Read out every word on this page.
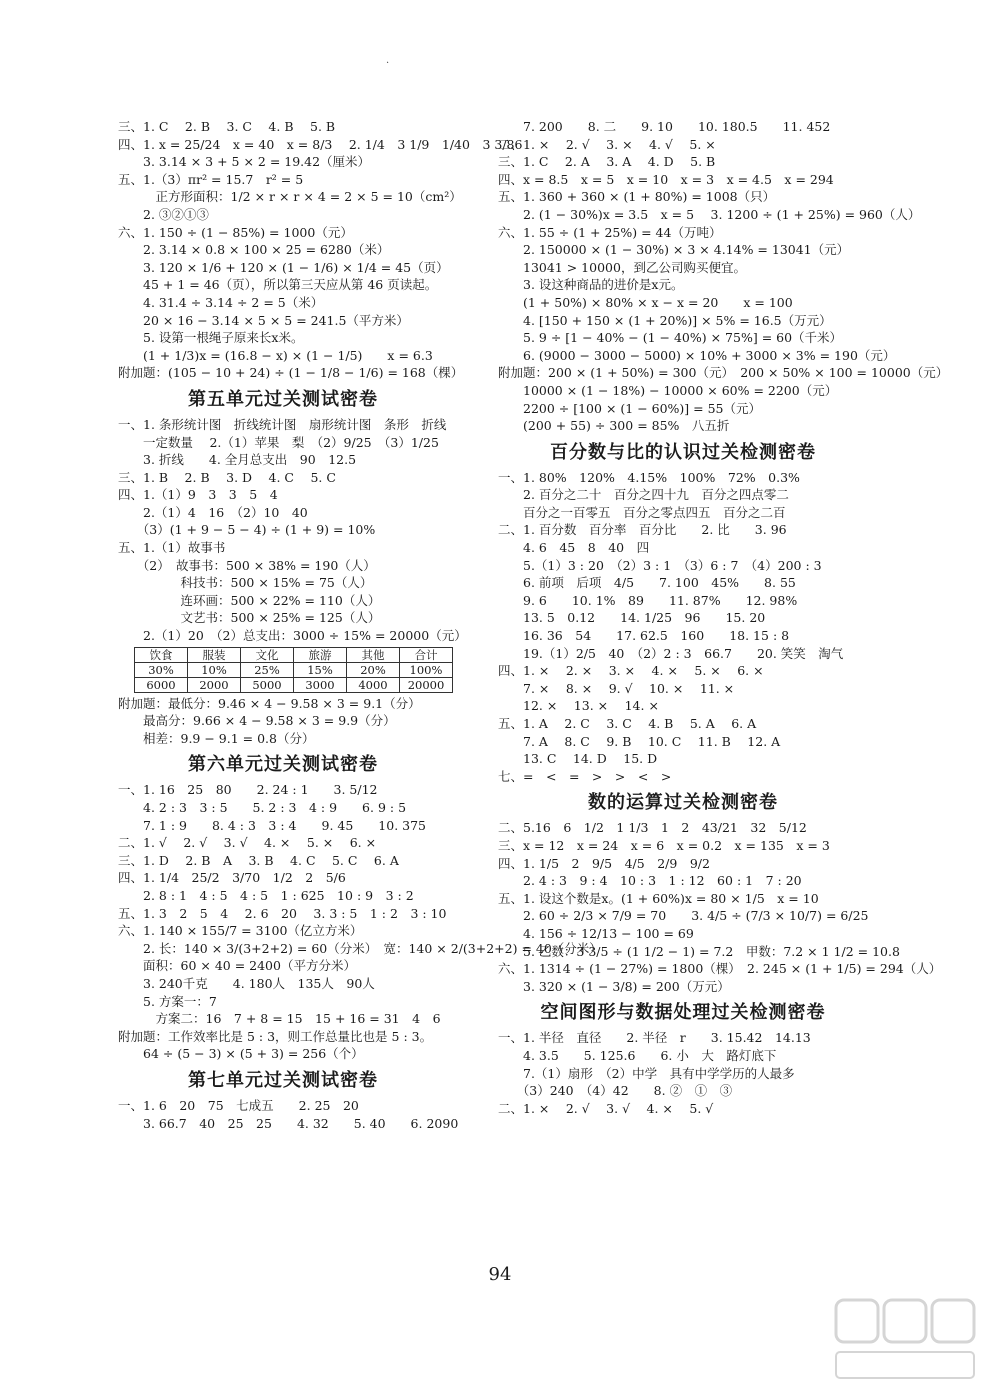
·
三、1. C　 2. B　 3. C　 4. B　 5. B
四、1. x = 25/24　x = 40　x = 8/3　 2. 1/4　3 1/9　1/40　3 3/86
　　3. 3.14 × 3 + 5 × 2 = 19.42（厘米）
五、1.（3）πr² = 15.7　r² = 5
　　　正方形面积：1/2 × r × r × 4 = 2 × 5 = 10（cm²）
　　2. ③②①③
六、1. 150 ÷ (1 − 85%) = 1000（元）
　　2. 3.14 × 0.8 × 100 × 25 = 6280（米）
　　3. 120 × 1/6 + 120 × (1 − 1/6) × 1/4 = 45（页）
　　45 + 1 = 46（页），所以第三天应从第 46 页读起。
　　4. 31.4 ÷ 3.14 ÷ 2 = 5（米）
　　20 × 16 − 3.14 × 5 × 5 = 241.5（平方米）
　　5. 设第一根绳子原来长x米。
　　(1 + 1/3)x = (16.8 − x) × (1 − 1/5)　　x = 6.3
附加题：(105 − 10 + 24) ÷ (1 − 1/8 − 1/6) = 168（棵）
第五单元过关测试密卷
一、1. 条形统计图　折线统计图　扇形统计图　条形　折线
　　一定数量　 2.（1）苹果　梨　（2）9/25　（3）1/25
　　3. 折线　　4. 全月总支出　90　12.5
三、1. B　 2. B　 3. D　 4. C　 5. C
四、1.（1）9　3　3　5　4
　　2.（1）4　16　（2）10　40
　　（3）(1 + 9 − 5 − 4) ÷ (1 + 9) = 10%
五、1.（1）故事书
　　（2）　故事书：500 × 38% = 190（人）
　　　　　科技书：500 × 15% = 75（人）
　　　　　连环画：500 × 22% = 110（人）
　　　　　文艺书：500 × 25% = 125（人）
　　2.（1）20　（2）总支出：3000 ÷ 15% = 20000（元）
饮食	服装	文化	旅游	其他	合计
30%	10%	25%	15%	20%	100%
6000	2000	5000	3000	4000	20000
附加题：最低分：9.46 × 4 − 9.58 × 3 = 9.1（分）
　　最高分：9.66 × 4 − 9.58 × 3 = 9.9（分）
　　相差：9.9 − 9.1 = 0.8（分）
第六单元过关测试密卷
一、1. 16　25　80　　2. 24 : 1　　3. 5/12
　　4. 2 : 3　3 : 5　　5. 2 : 3　4 : 9　　6. 9 : 5
　　7. 1 : 9　　8. 4 : 3　3 : 4　　9. 45　　10. 375
二、1. √　 2. √　 3. √　 4. ×　 5. ×　 6. ×
三、1. D　 2. B　A　 3. B　 4. C　 5. C　 6. A
四、1. 1/4　25/2　3/70　1/2　2　5/6
　　2. 8 : 1　4 : 5　4 : 5　1 : 625　10 : 9　3 : 2
五、1. 3　2　5　4　 2. 6　20　 3. 3 : 5　1 : 2　3 : 10
六、1. 140 × 155/7 = 3100（亿立方米）
　　2. 长：140 × 3/(3+2+2) = 60（分米）　宽：140 × 2/(3+2+2) = 40（分米）
　　面积：60 × 40 = 2400（平方分米）
　　3. 240千克　　4. 180人　135人　90人
　　5. 方案一：7
　　　方案二：16　7 + 8 = 15　15 + 16 = 31　4　6
附加题：工作效率比是 5 : 3，则工作总量比也是 5 : 3。
　　64 ÷ (5 − 3) × (5 + 3) = 256（个）
第七单元过关测试密卷
一、1. 6　20　75　七成五　　2. 25　20
　　3. 66.7　40　25　25　　4. 32　　5. 40　　6. 2090
　　7. 200　　8. 二　　9. 10　　10. 180.5　　11. 452
二、1. ×　 2. √　 3. ×　 4. √　 5. ×
三、1. C　 2. A　 3. A　 4. D　 5. B
四、x = 8.5　x = 5　x = 10　x = 3　x = 4.5　x = 294
五、1. 360 + 360 × (1 + 80%) = 1008（只）
　　2. (1 − 30%)x = 3.5　x = 5　 3. 1200 ÷ (1 + 25%) = 960（人）
六、1. 55 ÷ (1 + 25%) = 44（万吨）
　　2. 150000 × (1 − 30%) × 3 × 4.14% = 13041（元）
　　13041 > 10000，到乙公司购买便宜。
　　3. 设这种商品的进价是x元。
　　(1 + 50%) × 80% × x − x = 20　　x = 100
　　4. [150 + 150 × (1 + 20%)] × 5% = 16.5（万元）
　　5. 9 ÷ [1 − 40% − (1 − 40%) × 75%] = 60（千米）
　　6. (9000 − 3000 − 5000) × 10% + 3000 × 3% = 190（元）
附加题：200 × (1 + 50%) = 300（元）　200 × 50% × 100 = 10000（元）
　　10000 × (1 − 18%) − 10000 × 60% = 2200（元）
　　2200 ÷ [100 × (1 − 60%)] = 55（元）
　　(200 + 55) ÷ 300 = 85%　八五折
百分数与比的认识过关检测密卷
一、1. 80%　120%　4.15%　100%　72%　0.3%
　　2. 百分之二十　百分之四十九　百分之四点零二
　　百分之一百零五　百分之零点四五　百分之二百
二、1. 百分数　百分率　百分比　　2. 比　　3. 96
　　4. 6　45　8　40　四
　　5.（1）3 : 20　（2）3 : 1　（3）6 : 7　（4）200 : 3
　　6. 前项　后项　4/5　　7. 100　45%　　8. 55
　　9. 6　　10. 1%　89　　11. 87%　　12. 98%
　　13. 5　0.12　　14. 1/25　96　　15. 20
　　16. 36　54　　17. 62.5　160　　18. 15 : 8
　　19.（1）2/5　40　（2）2 : 3　66.7　　20. 笑笑　淘气
四、1. ×　 2. ×　 3. ×　 4. ×　 5. ×　 6. ×
　　7. ×　 8. ×　 9. √　 10. ×　 11. ×
　　12. ×　 13. ×　 14. ×
五、1. A　 2. C　 3. C　 4. B　 5. A　 6. A
　　7. A　 8. C　 9. B　 10. C　 11. B　 12. A
　　13. C　 14. D　 15. D
七、=　<　=　>　>　<　>
数的运算过关检测密卷
二、5.16　6　1/2　1 1/3　1　2　43/21　32　5/12
三、x = 12　x = 24　x = 6　x = 0.2　x = 135　x = 3
四、1. 1/5　2　9/5　4/5　2/9　9/2
　　2. 4 : 3　9 : 4　10 : 3　1 : 12　60 : 1　7 : 20
五、1. 设这个数是x。(1 + 60%)x = 80 × 1/5　x = 10
　　2. 60 ÷ 2/3 × 7/9 = 70　　3. 4/5 ÷ (7/3 × 10/7) = 6/25
　　4. 156 ÷ 12/13 − 100 = 69
　　5. 乙数：3 3/5 ÷ (1 1/2 − 1) = 7.2　甲数：7.2 × 1 1/2 = 10.8
六、1. 1314 ÷ (1 − 27%) = 1800（棵）　2. 245 × (1 + 1/5) = 294（人）
　　3. 320 × (1 − 3/8) = 200（万元）
空间图形与数据处理过关检测密卷
一、1. 半径　直径　　2. 半径　r　　3. 15.42　14.13
　　4. 3.5　　5. 125.6　　6. 小　大　路灯底下
　　7.（1）扇形　（2）中学　具有中学学历的人最多
　　（3）240　（4）42　　8. ②　①　③
二、1. ×　 2. √　 3. √　 4. ×　 5. √
94
